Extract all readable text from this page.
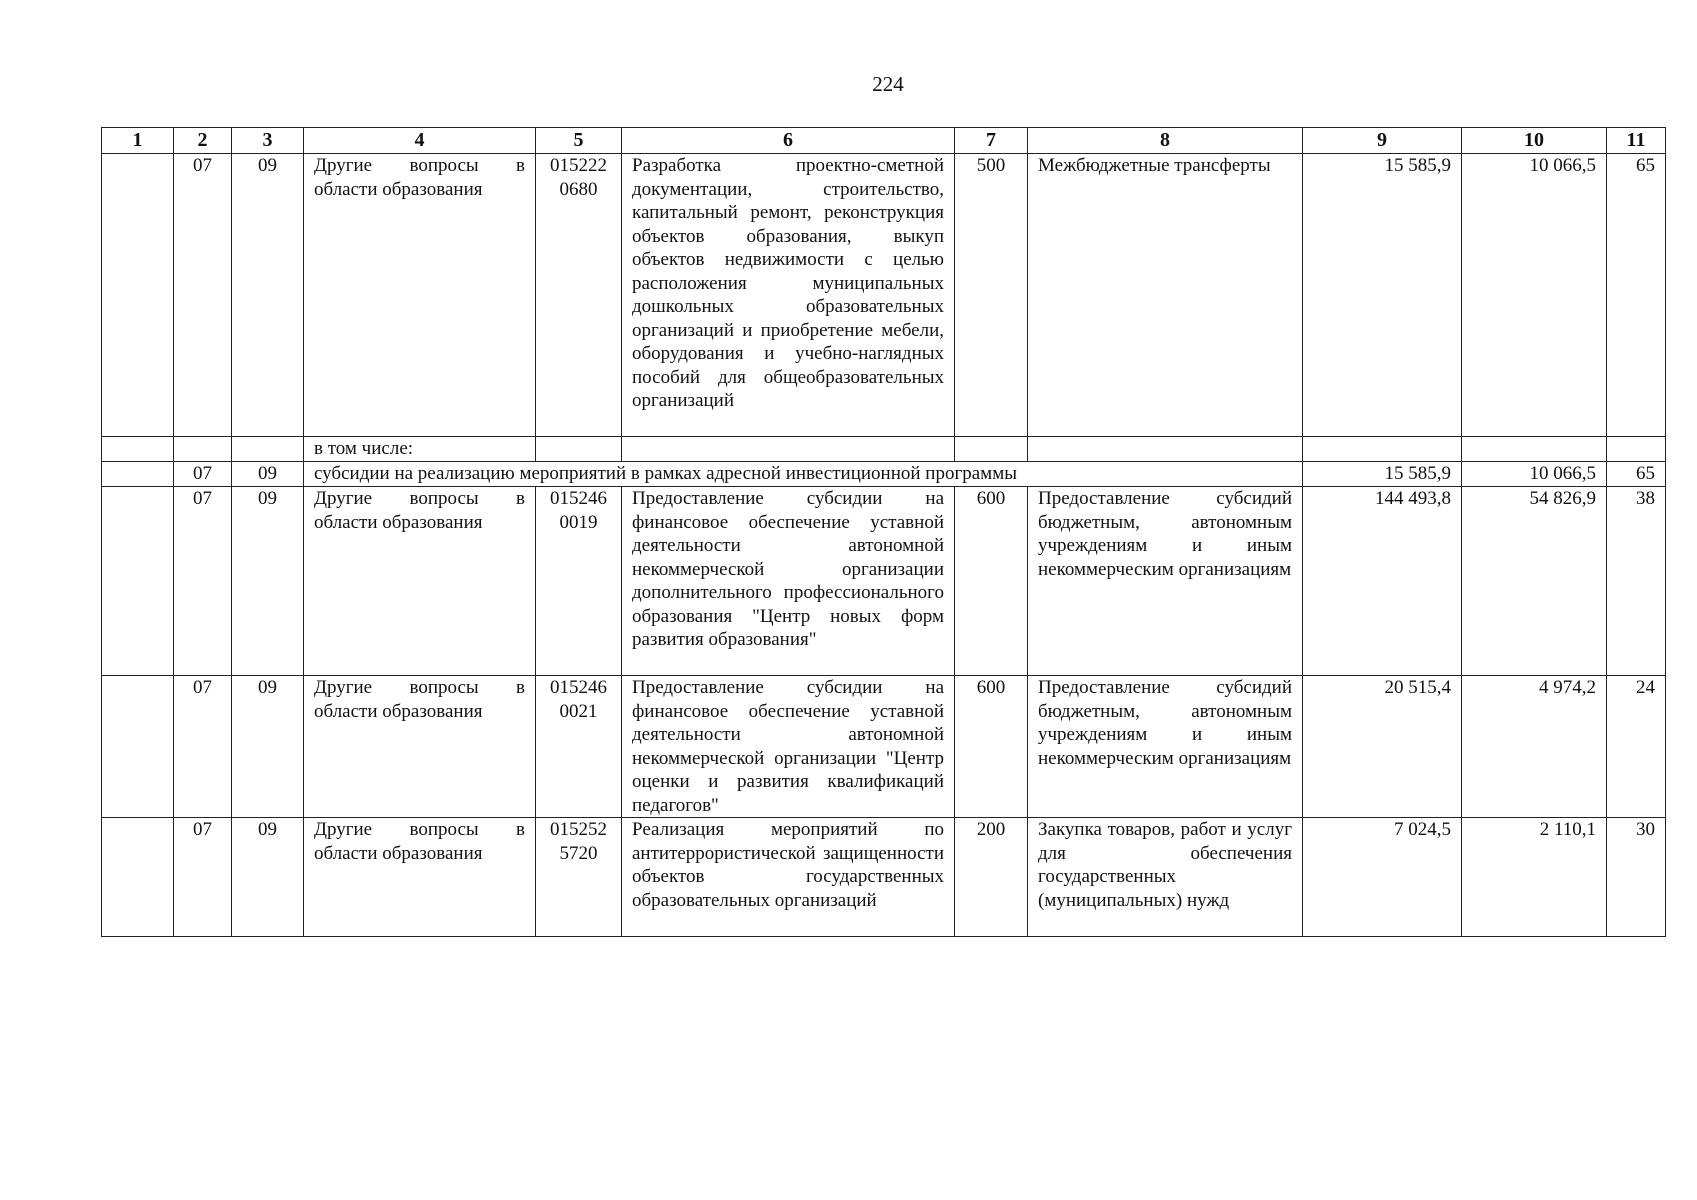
224
1	2	3	4	5	6	7	8	9	10	11
	07	09	Другие вопросы в области образования	015222 0680	Разработка проектно-сметной документации, строительство, капитальный ремонт, реконструкция объектов образования, выкуп объектов недвижимости с целью расположения муниципальных дошкольных образовательных организаций и приобретение мебели, оборудования и учебно-наглядных пособий для общеобразовательных организаций	500	Межбюджетные трансферты	15 585,9	10 066,5	65
			в том числе:							
	07	09	субсидии на реализацию мероприятий в рамках адресной инвестиционной программы					15 585,9	10 066,5	65
	07	09	Другие вопросы в области образования	015246 0019	Предоставление субсидии на финансовое обеспечение уставной деятельности автономной некоммерческой организации дополнительного профессионального образования "Центр новых форм развития образования"	600	Предоставление субсидий бюджетным, автономным учреждениям и иным некоммерческим организациям	144 493,8	54 826,9	38
	07	09	Другие вопросы в области образования	015246 0021	Предоставление субсидии на финансовое обеспечение уставной деятельности автономной некоммерческой организации "Центр оценки и развития квалификаций педагогов"	600	Предоставление субсидий бюджетным, автономным учреждениям и иным некоммерческим организациям	20 515,4	4 974,2	24
	07	09	Другие вопросы в области образования	015252 5720	Реализация мероприятий по антитеррористической защищенности объектов государственных образовательных организаций	200	Закупка товаров, работ и услуг для обеспечения государственных (муниципальных) нужд	7 024,5	2 110,1	30
